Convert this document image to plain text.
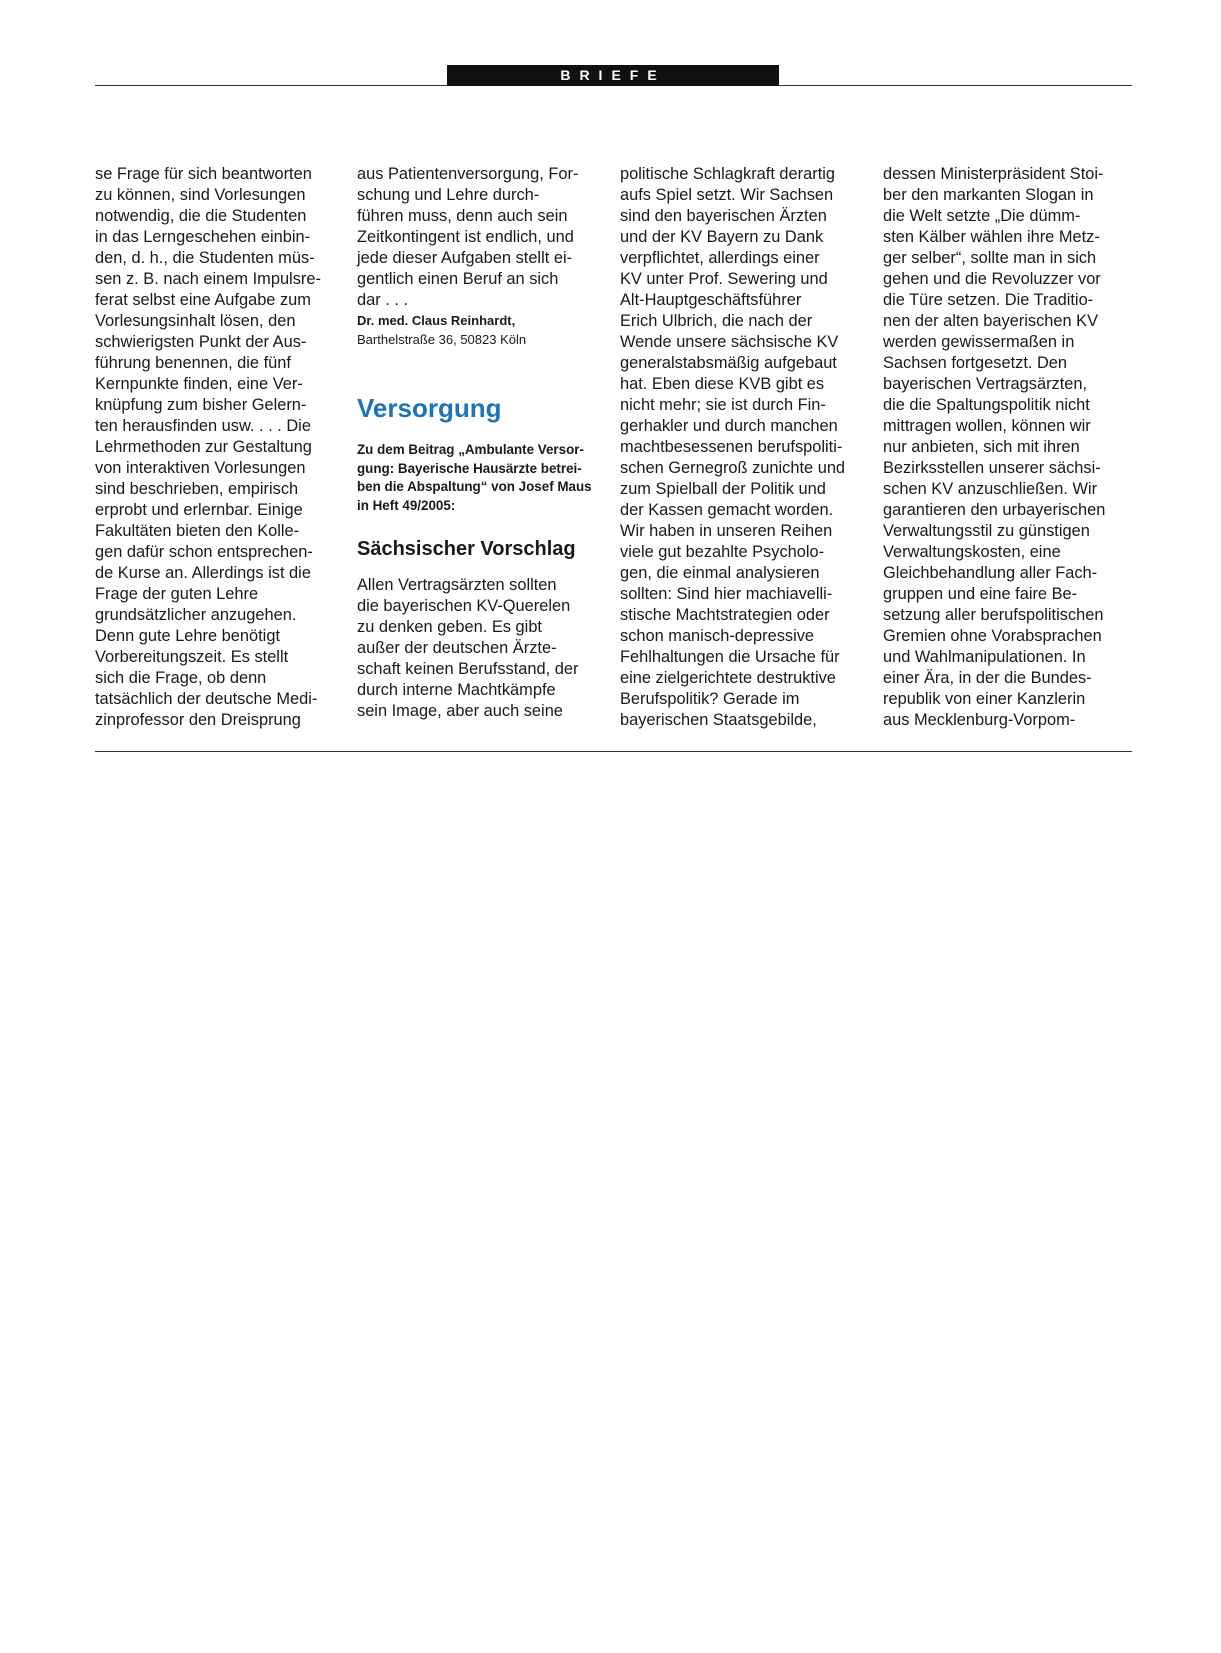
BRIEFE
se Frage für sich beantworten
zu können, sind Vorlesungen
notwendig, die die Studenten
in das Lerngeschehen einbin-
den, d. h., die Studenten müs-
sen z. B. nach einem Impulsre-
ferat selbst eine Aufgabe zum
Vorlesungsinhalt lösen, den
schwierigsten Punkt der Aus-
führung benennen, die fünf
Kernpunkte finden, eine Ver-
knüpfung zum bisher Gelern-
ten herausfinden usw. . . . Die
Lehrmethoden zur Gestaltung
von interaktiven Vorlesungen
sind beschrieben, empirisch
erprobt und erlernbar. Einige
Fakultäten bieten den Kolle-
gen dafür schon entsprechen-
de Kurse an. Allerdings ist die
Frage der guten Lehre
grundsätzlicher anzugehen.
Denn gute Lehre benötigt
Vorbereitungszeit. Es stellt
sich die Frage, ob denn
tatsächlich der deutsche Medi-
zinprofessor den Dreisprung
aus Patientenversorgung, For-
schung und Lehre durch-
führen muss, denn auch sein
Zeitkontingent ist endlich, und
jede dieser Aufgaben stellt ei-
gentlich einen Beruf an sich
dar . . .
Dr. med. Claus Reinhardt,
Barthelstraße 36, 50823 Köln
Versorgung
Zu dem Beitrag „Ambulante Versor-
gung: Bayerische Hausärzte betrei-
ben die Abspaltung“ von Josef Maus
in Heft 49/2005:
Sächsischer Vorschlag
Allen Vertragsärzten sollten
die bayerischen KV-Querelen
zu denken geben. Es gibt
außer der deutschen Ärzte-
schaft keinen Berufsstand, der
durch interne Machtkämpfe
sein Image, aber auch seine
politische Schlagkraft derartig
aufs Spiel setzt. Wir Sachsen
sind den bayerischen Ärzten
und der KV Bayern zu Dank
verpflichtet, allerdings einer
KV unter Prof. Sewering und
Alt-Hauptgeschäftsführer
Erich Ulbrich, die nach der
Wende unsere sächsische KV
generalstabsmäßig aufgebaut
hat. Eben diese KVB gibt es
nicht mehr; sie ist durch Fin-
gerhakler und durch manchen
machtbesessenen berufspoliti-
schen Gernegroß zunichte und
zum Spielball der Politik und
der Kassen gemacht worden.
Wir haben in unseren Reihen
viele gut bezahlte Psycholo-
gen, die einmal analysieren
sollten: Sind hier machiavelli-
stische Machtstrategien oder
schon manisch-depressive
Fehlhaltungen die Ursache für
eine zielgerichtete destruktive
Berufspolitik? Gerade im
bayerischen Staatsgebilde,
dessen Ministerpräsident Stoi-
ber den markanten Slogan in
die Welt setzte „Die dümm-
sten Kälber wählen ihre Metz-
ger selber“, sollte man in sich
gehen und die Revoluzzer vor
die Türe setzen. Die Traditio-
nen der alten bayerischen KV
werden gewissermaßen in
Sachsen fortgesetzt. Den
bayerischen Vertragsärzten,
die die Spaltungspolitik nicht
mittragen wollen, können wir
nur anbieten, sich mit ihren
Bezirksstellen unserer sächsi-
schen KV anzuschließen. Wir
garantieren den urbayerischen
Verwaltungsstil zu günstigen
Verwaltungskosten, eine
Gleichbehandlung aller Fach-
gruppen und eine faire Be-
setzung aller berufspolitischen
Gremien ohne Vorabsprachen
und Wahlmanipulationen. In
einer Ära, in der die Bundes-
republik von einer Kanzlerin
aus Mecklenburg-Vorpom-
